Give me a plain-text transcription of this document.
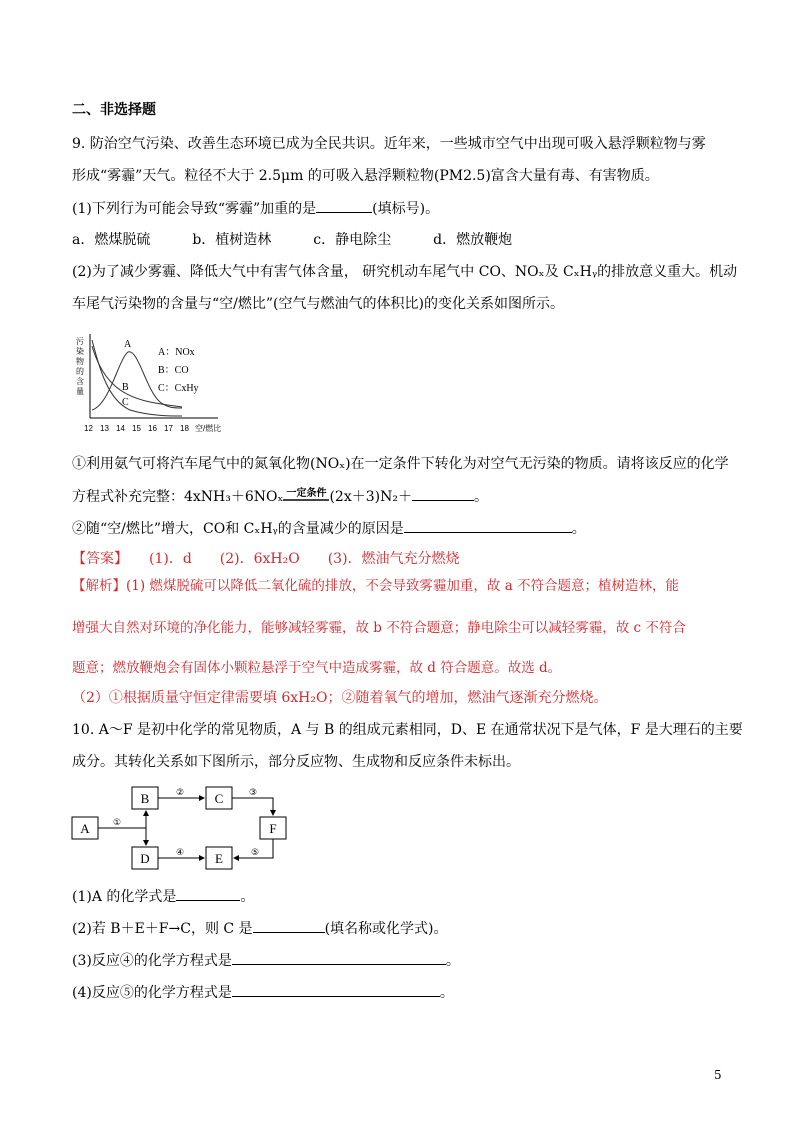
二、非选择题
9. 防治空气污染、改善生态环境已成为全民共识。近年来，一些城市空气中出现可吸入悬浮颗粒物与雾
形成“雾霾”天气。粒径不大于 2.5μm 的可吸入悬浮颗粒物(PM2.5)富含大量有毒、有害物质。
(1)下列行为可能会导致“雾霾”加重的是	(填标号)。
a．燃煤脱硫　　　b．植树造林　　　c．静电除尘　　　d．燃放鞭炮
(2)为了减少雾霾、降低大气中有害气体含量， 研究机动车尾气中 CO、NOₓ及 CₓHᵧ的排放意义重大。机动
车尾气污染物的含量与“空/燃比”(空气与燃油气的体积比)的变化关系如图所示。
污
染
物
的
含
量
A
B
C
A：NOx
B：CO
C：CxHy
12 13 14 15 16 17 18 空/燃比
①利用氨气可将汽车尾气中的氮氧化物(NOₓ)在一定条件下转化为对空气无污染的物质。请将该反应的化学
方程式补充完整：4xNH₃＋6NOₓ 一定条件 (2x＋3)N₂＋	。
②随“空/燃比”增大，CO和 CₓHᵧ的含量减少的原因是	。
【答案】　　(1)．d　　(2)．6xH₂O　　(3)．燃油气充分燃烧
【解析】(1) 燃煤脱硫可以降低二氧化硫的排放，不会导致雾霾加重，故 a 不符合题意；植树造林，能
增强大自然对环境的净化能力，能够减轻雾霾，故 b 不符合题意；静电除尘可以减轻雾霾，故 c 不符合
题意；燃放鞭炮会有固体小颗粒悬浮于空气中造成雾霾，故 d 符合题意。故选 d。
（2）①根据质量守恒定律需要填 6xH₂O；②随着氧气的增加，燃油气逐渐充分燃烧。
10. A～F 是初中化学的常见物质，A 与 B 的组成元素相同，D、E 在通常状况下是气体，F 是大理石的主要
成分。其转化关系如下图所示，部分反应物、生成物和反应条件未标出。
A
B	C
D	E
F
①
②	③
④	⑤
(1)A 的化学式是	。
(2)若 B＋E＋F→C，则 C 是	(填名称或化学式)。
(3)反应④的化学方程式是	。
(4)反应⑤的化学方程式是	。
5
